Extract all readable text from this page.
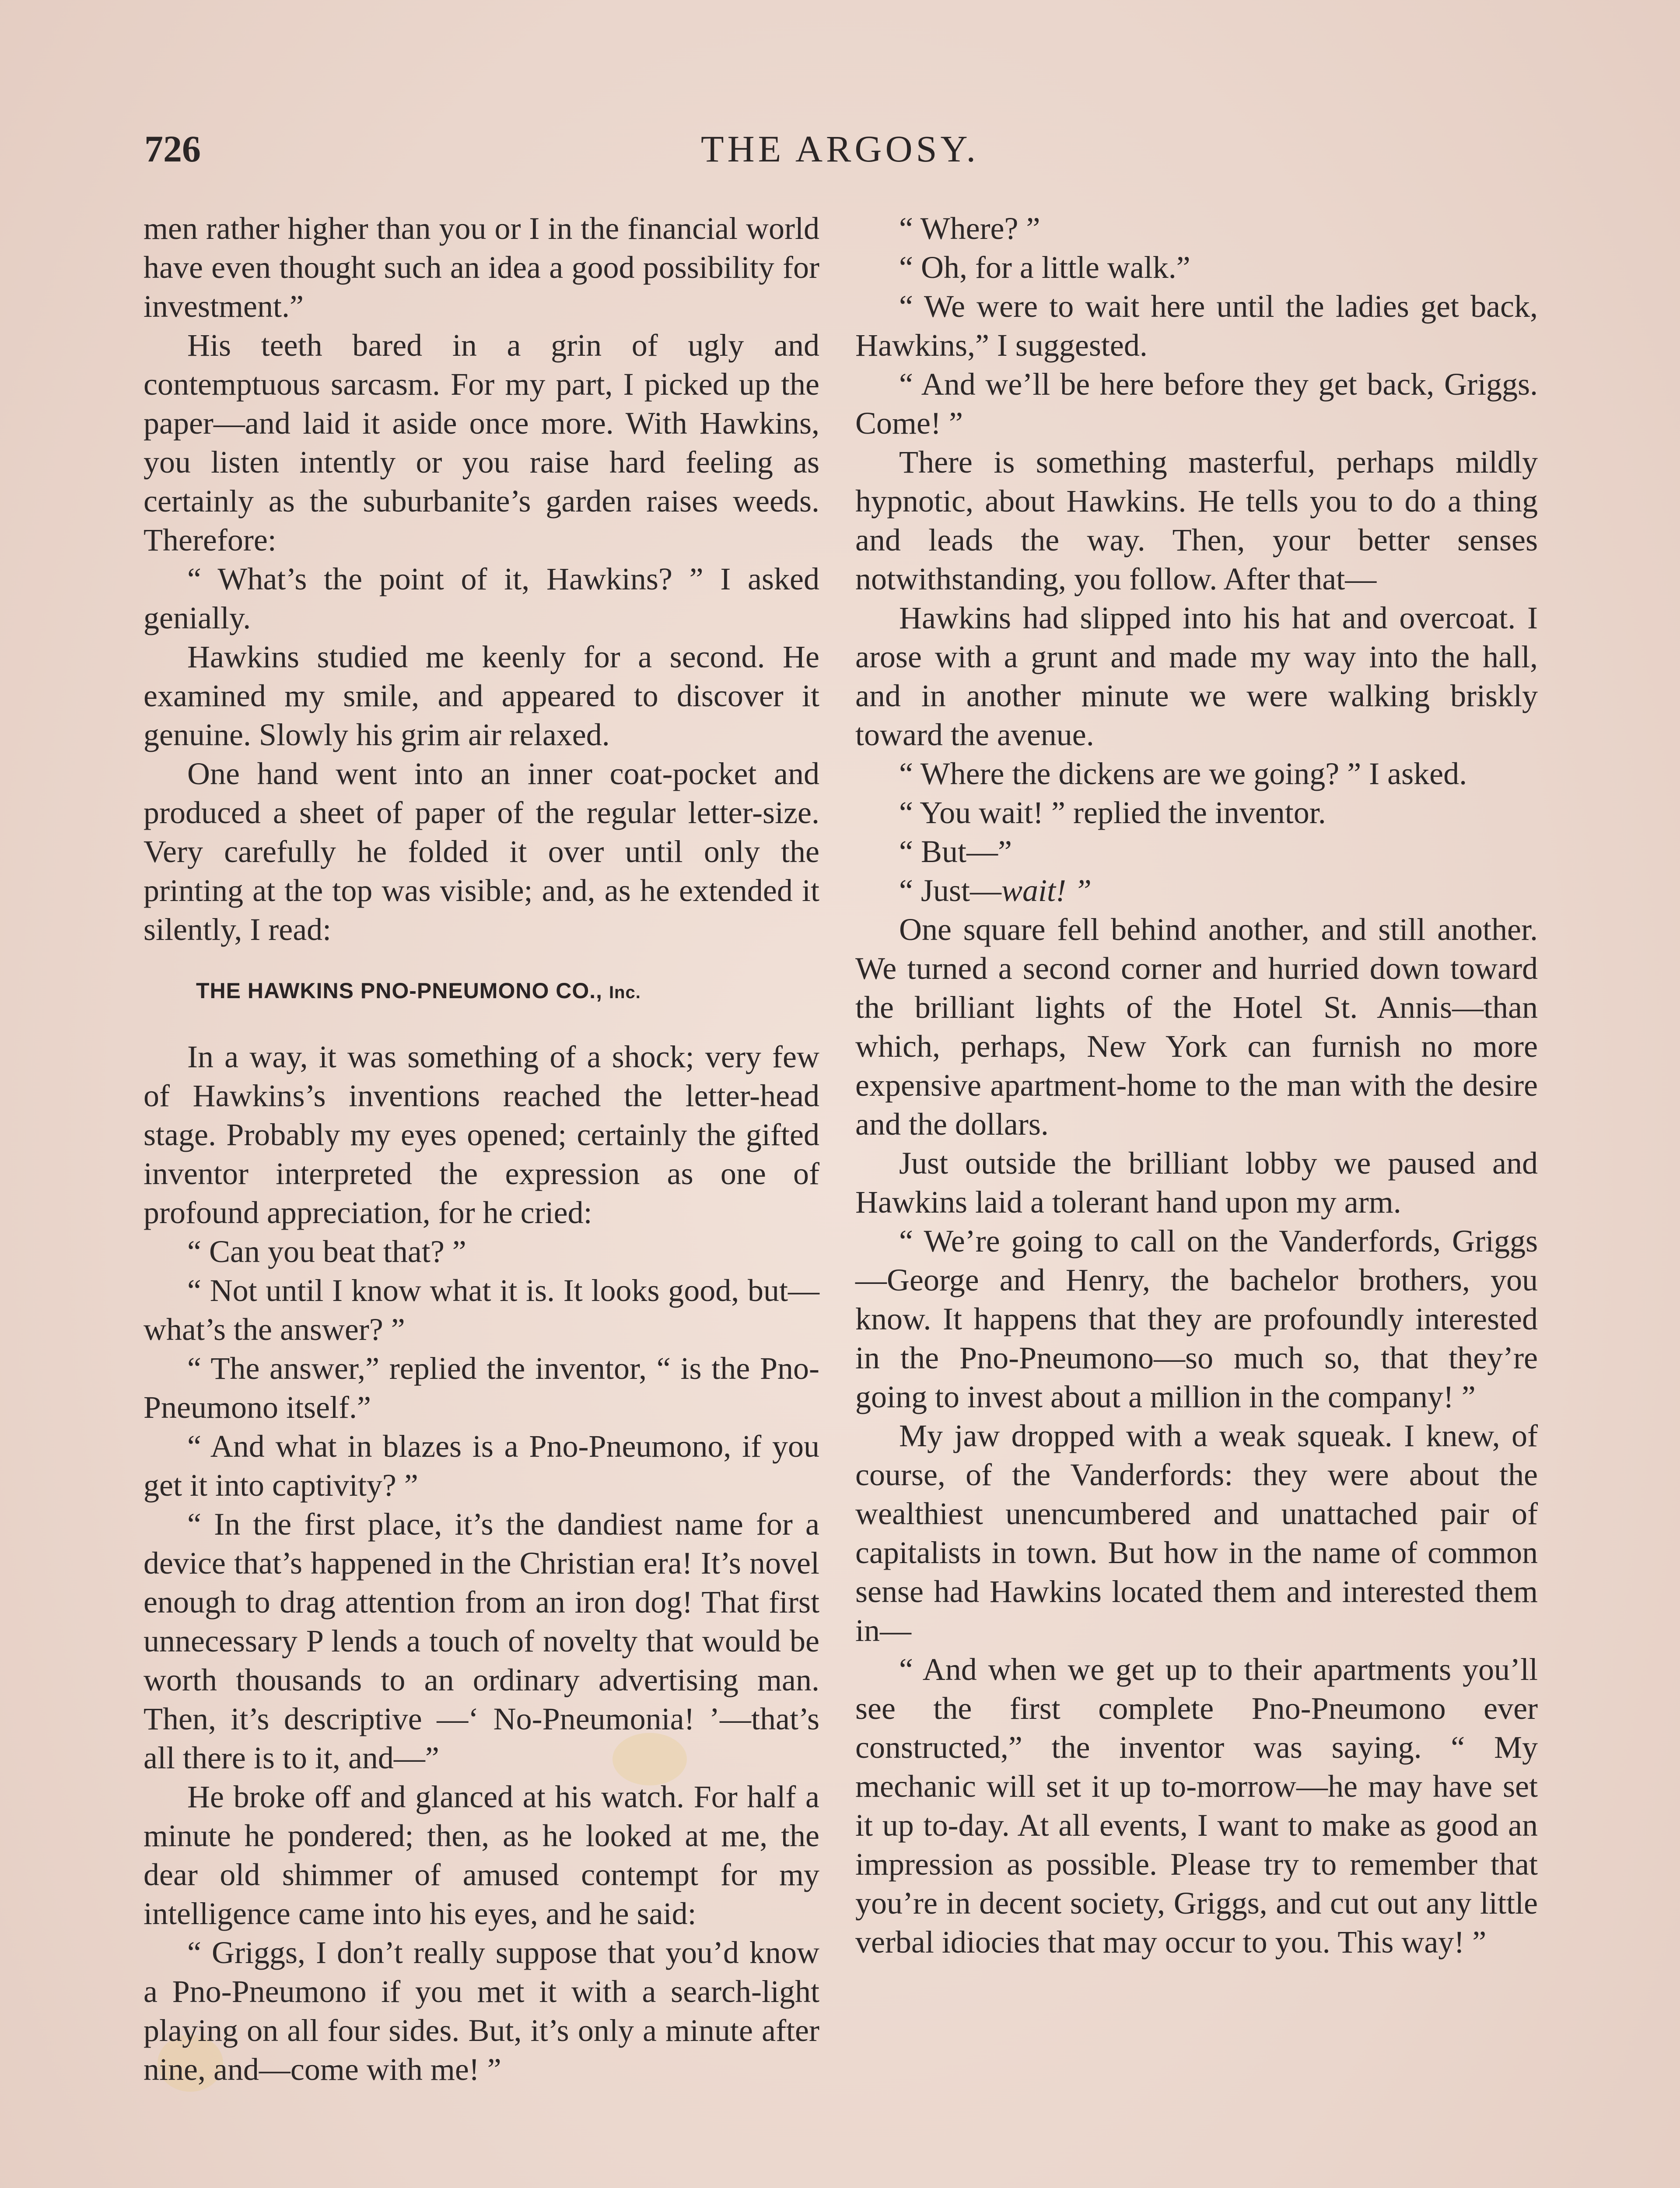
726	THE ARGOSY.

men rather higher than you or I in the financial world have even thought such an idea a good possibility for investment.”

His teeth bared in a grin of ugly and contemptuous sarcasm. For my part, I picked up the paper—and laid it aside once more. With Hawkins, you listen intently or you raise hard feeling as certainly as the suburbanite’s garden raises weeds. Therefore:

“ What’s the point of it, Hawkins? ” I asked genially.

Hawkins studied me keenly for a second. He examined my smile, and appeared to discover it genuine. Slowly his grim air relaxed.

One hand went into an inner coat-pocket and produced a sheet of paper of the regular letter-size. Very carefully he folded it over until only the printing at the top was visible; and, as he extended it silently, I read:

THE HAWKINS PNO-PNEUMONO CO., Inc.

In a way, it was something of a shock; very few of Hawkins’s inventions reached the letter-head stage. Probably my eyes opened; certainly the gifted inventor interpreted the expression as one of profound appreciation, for he cried:

“ Can you beat that? ”

“ Not until I know what it is. It looks good, but—what’s the answer? ”

“ The answer,” replied the inventor, “ is the Pno-Pneumono itself.”

“ And what in blazes is a Pno-Pneumono, if you get it into captivity? ”

“ In the first place, it’s the dandiest name for a device that’s happened in the Christian era! It’s novel enough to drag attention from an iron dog! That first unnecessary P lends a touch of novelty that would be worth thousands to an ordinary advertising man. Then, it’s descriptive —‘ No-Pneumonia! ’—that’s all there is to it, and—”

He broke off and glanced at his watch. For half a minute he pondered; then, as he looked at me, the dear old shimmer of amused contempt for my intelligence came into his eyes, and he said:

“ Griggs, I don’t really suppose that you’d know a Pno-Pneumono if you met it with a search-light playing on all four sides. But, it’s only a minute after nine, and—come with me! ”

“ Where? ”

“ Oh, for a little walk.”

“ We were to wait here until the ladies get back, Hawkins,” I suggested.

“ And we’ll be here before they get back, Griggs. Come! ”

There is something masterful, perhaps mildly hypnotic, about Hawkins. He tells you to do a thing and leads the way. Then, your better senses notwithstanding, you follow. After that—

Hawkins had slipped into his hat and overcoat. I arose with a grunt and made my way into the hall, and in another minute we were walking briskly toward the avenue.

“ Where the dickens are we going? ” I asked.

“ You wait! ” replied the inventor.

“ But—”

“ Just—wait! ”

One square fell behind another, and still another. We turned a second corner and hurried down toward the brilliant lights of the Hotel St. Annis—than which, perhaps, New York can furnish no more expensive apartment-home to the man with the desire and the dollars.

Just outside the brilliant lobby we paused and Hawkins laid a tolerant hand upon my arm.

“ We’re going to call on the Vanderfords, Griggs—George and Henry, the bachelor brothers, you know. It happens that they are profoundly interested in the Pno-Pneumono—so much so, that they’re going to invest about a million in the company! ”

My jaw dropped with a weak squeak. I knew, of course, of the Vanderfords: they were about the wealthiest unencumbered and unattached pair of capitalists in town. But how in the name of common sense had Hawkins located them and interested them in—

“ And when we get up to their apartments you’ll see the first complete Pno-Pneumono ever constructed,” the inventor was saying. “ My mechanic will set it up to-morrow—he may have set it up to-day. At all events, I want to make as good an impression as possible. Please try to remember that you’re in decent society, Griggs, and cut out any little verbal idiocies that may occur to you. This way! ”
